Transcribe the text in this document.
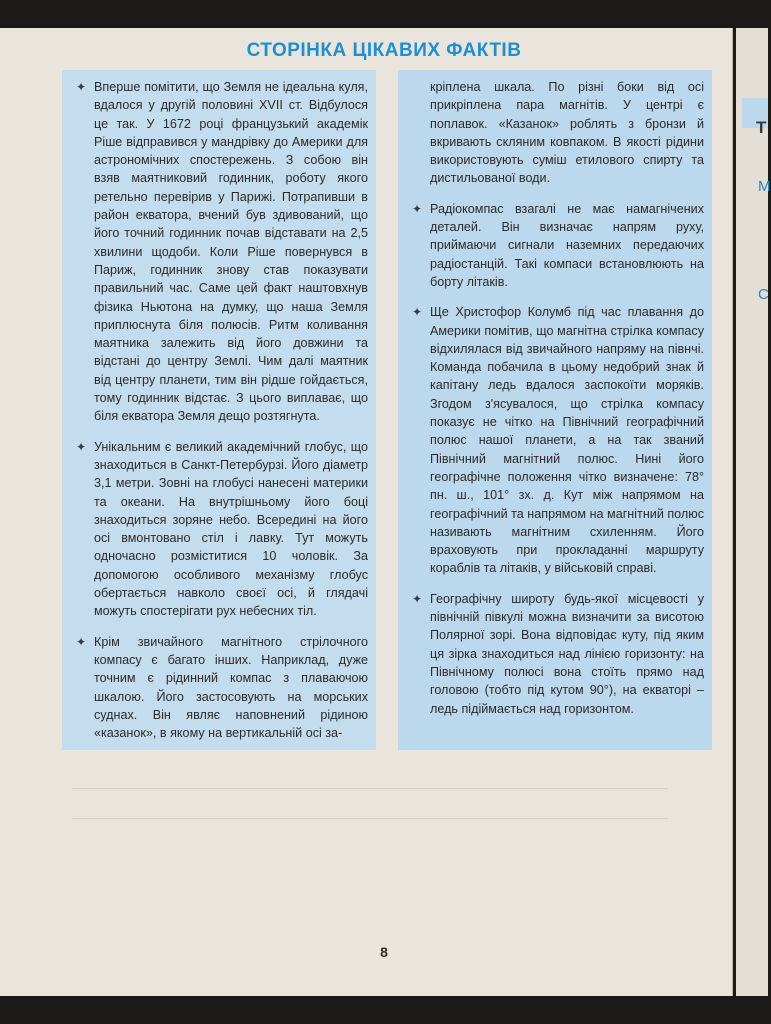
СТОРІНКА ЦІКАВИХ ФАКТІВ
✦ Вперше помітити, що Земля не ідеальна куля, вдалося у другій половині XVII ст. Відбулося це так. У 1672 році французький академік Ріше відправився у мандрівку до Америки для астрономічних спостережень. З собою він взяв маятниковий годинник, роботу якого ретельно перевірив у Парижі. Потрапивши в район екватора, вчений був здивований, що його точний годинник почав відставати на 2,5 хвилини щодоби. Коли Ріше повернувся в Париж, годинник знову став показувати правильний час. Саме цей факт наштовхнув фізика Ньютона на думку, що наша Земля приплюснута біля полюсів. Ритм коливання маятника залежить від його довжини та відстані до центру Землі. Чим далі маятник від центру планети, тим він рідше гойдається, тому годинник відстає. З цього виплаває, що біля екватора Земля дещо розтягнута.
✦ Унікальним є великий академічний глобус, що знаходиться в Санкт-Петербурзі. Його діаметр 3,1 метри. Зовні на глобусі нанесені материки та океани. На внутрішньому його боці знаходиться зоряне небо. Всередині на його осі вмонтовано стіл і лавку. Тут можуть одночасно розміститися 10 чоловік. За допомогою особливого механізму глобус обертається навколо своєї осі, й глядачі можуть спостерігати рух небесних тіл.
✦ Крім звичайного магнітного стрілочного компасу є багато інших. Наприклад, дуже точним є рідинний компас з плаваючою шкалою. Його застосовують на морських суднах. Він являє наповнений рідиною «казанок», в якому на вертикальній осі за-
кріплена шкала. По різні боки від осі прикріплена пара магнітів. У центрі є поплавок. «Казанок» роблять з бронзи й вкривають скляним ковпаком. В якості рідини використовують суміш етилового спирту та дистильованої води.
✦ Радіокомпас взагалі не має намагнічених деталей. Він визначає напрям руху, приймаючи сигнали наземних передаючих радіостанцій. Такі компаси встановлюють на борту літаків.
✦ Ще Христофор Колумб під час плавання до Америки помітив, що магнітна стрілка компасу відхилялася від звичайного напряму на півнчі. Команда побачила в цьому недобрий знак й капітану ледь вдалося заспокоїти моряків. Згодом з'ясувалося, що стрілка компасу показує не чітко на Північний географічний полюс нашої планети, а на так званий Північний магнітний полюс. Нині його географічне положення чітко визначене: 78° пн. ш., 101° зх. д. Кут між напрямом на географічний та напрямом на магнітний полюс називають магнітним схиленням. Його враховують при прокладанні маршруту кораблів та літаків, у військовій справі.
✦ Географічну широту будь-якої місцевості у північній півкулі можна визначити за висотою Полярної зорі. Вона відповідає куту, під яким ця зірка знаходиться над лінією горизонту: на Північному полюсі вона стоїть прямо над головою (тобто під кутом 90°), на екваторі – ледь підіймається над горизонтом.
8
Т
М
С
